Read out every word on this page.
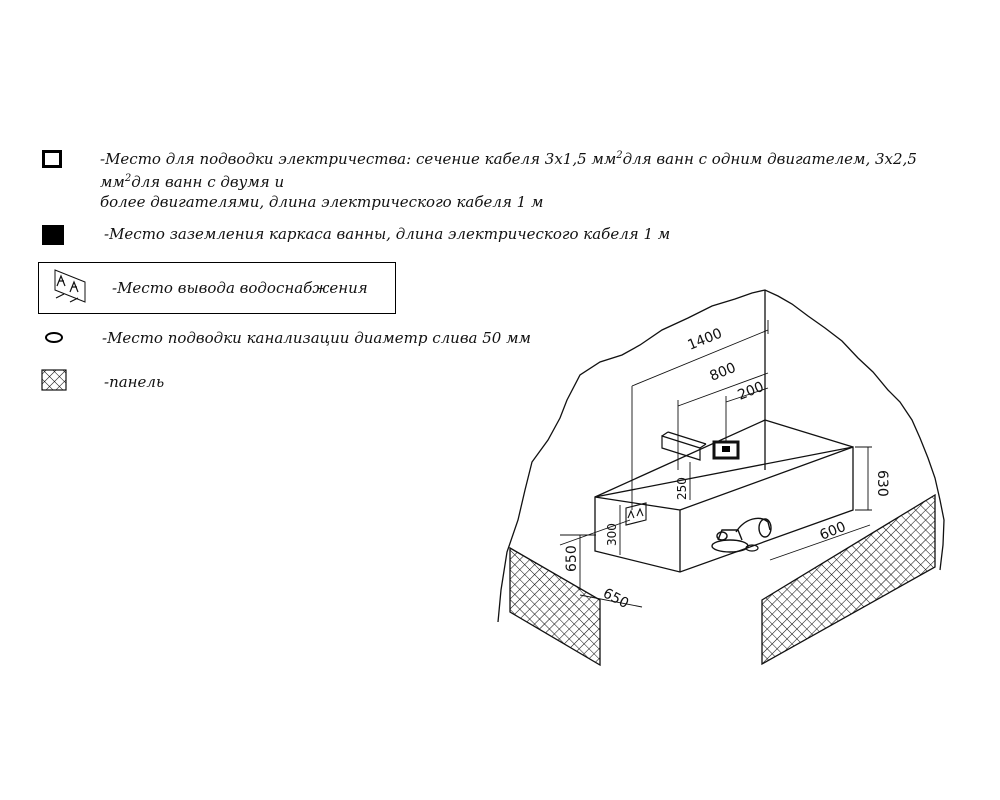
-Место для подводки электричества: сечение кабеля 3х1,5 $мм^2для$ ванн с одним двигателем, 3х2,5 $мм^2для$ ванн с двумя и
более двигателями, длина электрического кабеля 1 м
-Место заземления каркаса ванны, длина электрического кабеля 1 м
-Место вывода водоснабжения
-Место подводки канализации диаметр слива 50 мм
-панель
1400
800
200
250
300
630
600
650
650
